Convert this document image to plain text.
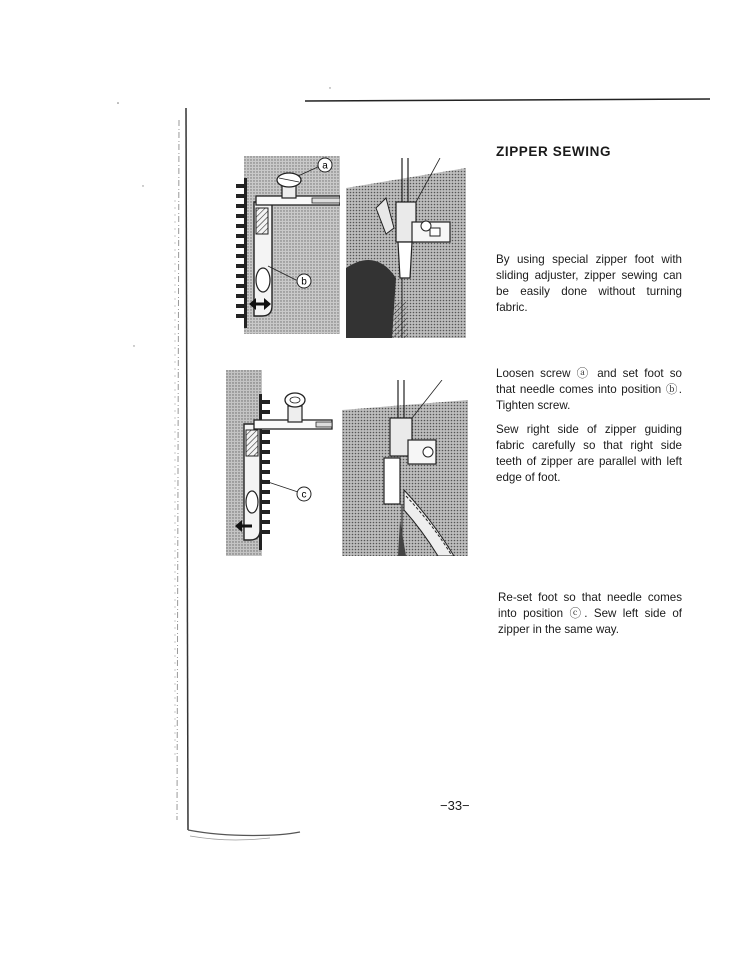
a
b
c
ZIPPER SEWING

By using special zipper foot with sliding adjuster, zipper sewing can be easily done without turning fabric.

Loosen screw ⓐ and set foot so that needle comes into position ⓑ. Tighten screw.

Sew right side of zipper guiding fabric carefully so that right side teeth of zipper are parallel with left edge of foot.

Re-set foot so that needle comes into position ⓒ. Sew left side of zipper in the same way.

−33−
